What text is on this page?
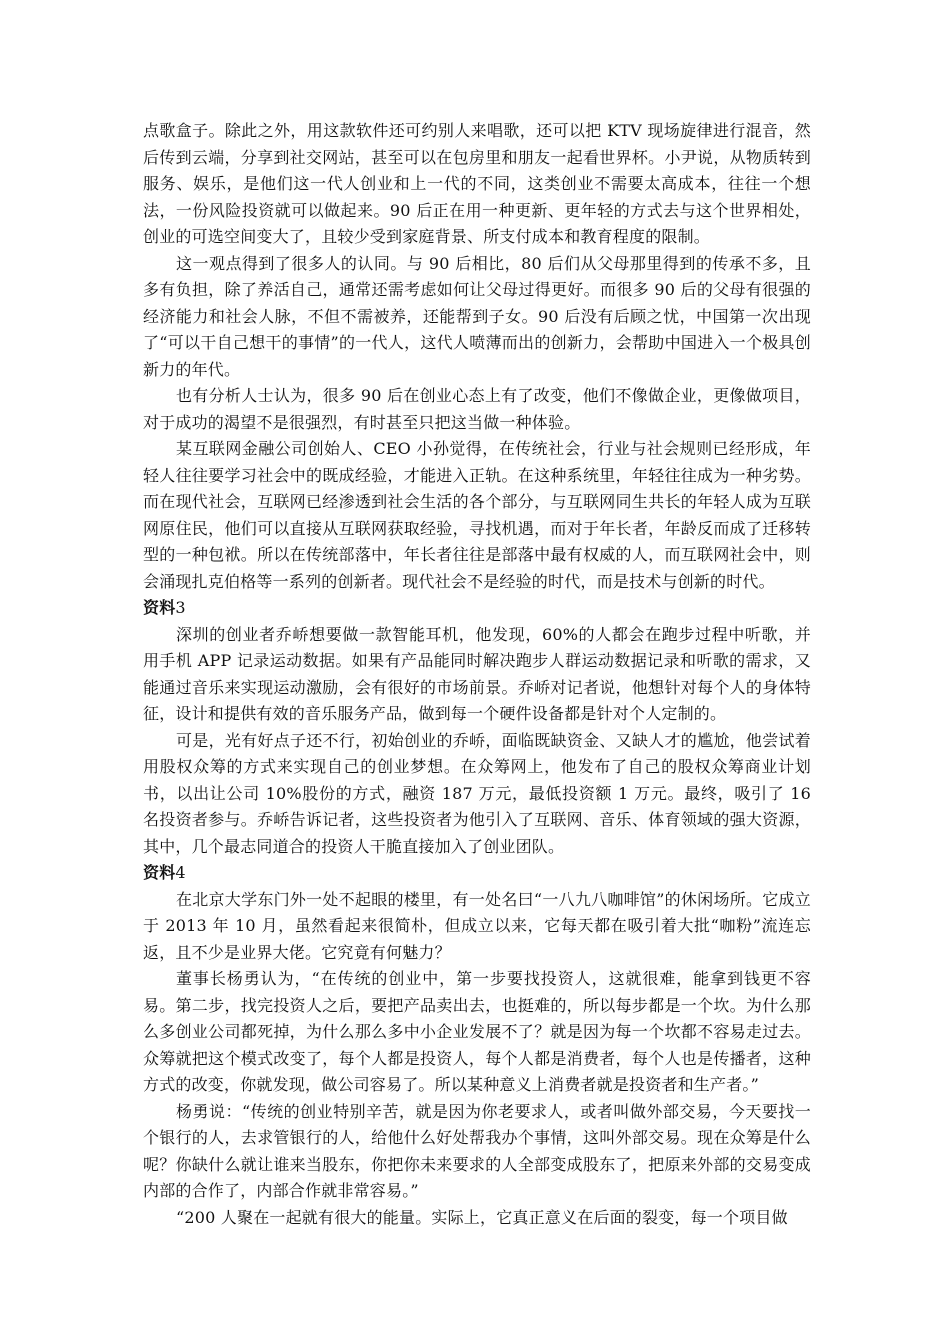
点歌盒子。除此之外，用这款软件还可约别人来唱歌，还可以把 KTV 现场旋律进行混音，然后传到云端，分享到社交网站，甚至可以在包房里和朋友一起看世界杯。小尹说，从物质转到服务、娱乐，是他们这一代人创业和上一代的不同，这类创业不需要太高成本，往往一个想法，一份风险投资就可以做起来。90 后正在用一种更新、更年轻的方式去与这个世界相处，创业的可选空间变大了，且较少受到家庭背景、所支付成本和教育程度的限制。

这一观点得到了很多人的认同。与 90 后相比，80 后们从父母那里得到的传承不多，且多有负担，除了养活自己，通常还需考虑如何让父母过得更好。而很多 90 后的父母有很强的经济能力和社会人脉，不但不需被养，还能帮到子女。90 后没有后顾之忧，中国第一次出现了“可以干自己想干的事情”的一代人，这代人喷薄而出的创新力，会帮助中国进入一个极具创新力的年代。

也有分析人士认为，很多 90 后在创业心态上有了改变，他们不像做企业，更像做项目，对于成功的渴望不是很强烈，有时甚至只把这当做一种体验。

某互联网金融公司创始人、CEO 小孙觉得，在传统社会，行业与社会规则已经形成，年轻人往往要学习社会中的既成经验，才能进入正轨。在这种系统里，年轻往往成为一种劣势。而在现代社会，互联网已经渗透到社会生活的各个部分，与互联网同生共长的年轻人成为互联网原住民，他们可以直接从互联网获取经验，寻找机遇，而对于年长者，年龄反而成了迁移转型的一种包袱。所以在传统部落中，年长者往往是部落中最有权威的人，而互联网社会中，则会涌现扎克伯格等一系列的创新者。现代社会不是经验的时代，而是技术与创新的时代。

资料3

深圳的创业者乔峤想要做一款智能耳机，他发现，60%的人都会在跑步过程中听歌，并用手机 APP 记录运动数据。如果有产品能同时解决跑步人群运动数据记录和听歌的需求，又能通过音乐来实现运动激励，会有很好的市场前景。乔峤对记者说，他想针对每个人的身体特征，设计和提供有效的音乐服务产品，做到每一个硬件设备都是针对个人定制的。

可是，光有好点子还不行，初始创业的乔峤，面临既缺资金、又缺人才的尴尬，他尝试着用股权众筹的方式来实现自己的创业梦想。在众筹网上，他发布了自己的股权众筹商业计划书，以出让公司 10%股份的方式，融资 187 万元，最低投资额 1 万元。最终，吸引了 16 名投资者参与。乔峤告诉记者，这些投资者为他引入了互联网、音乐、体育领域的强大资源，其中，几个最志同道合的投资人干脆直接加入了创业团队。

资料4

在北京大学东门外一处不起眼的楼里，有一处名曰“一八九八咖啡馆”的休闲场所。它成立于 2013 年 10 月，虽然看起来很简朴，但成立以来，它每天都在吸引着大批“咖粉”流连忘返，且不少是业界大佬。它究竟有何魅力？

董事长杨勇认为，“在传统的创业中，第一步要找投资人，这就很难，能拿到钱更不容易。第二步，找完投资人之后，要把产品卖出去，也挺难的，所以每步都是一个坎。为什么那么多创业公司都死掉，为什么那么多中小企业发展不了？就是因为每一个坎都不容易走过去。众筹就把这个模式改变了，每个人都是投资人，每个人都是消费者，每个人也是传播者，这种方式的改变，你就发现，做公司容易了。所以某种意义上消费者就是投资者和生产者。”

杨勇说：“传统的创业特别辛苦，就是因为你老要求人，或者叫做外部交易，今天要找一个银行的人，去求管银行的人，给他什么好处帮我办个事情，这叫外部交易。现在众筹是什么呢？你缺什么就让谁来当股东，你把你未来要求的人全部变成股东了，把原来外部的交易变成内部的合作了，内部合作就非常容易。”

“200 人聚在一起就有很大的能量。实际上，它真正意义在后面的裂变，每一个项目做
